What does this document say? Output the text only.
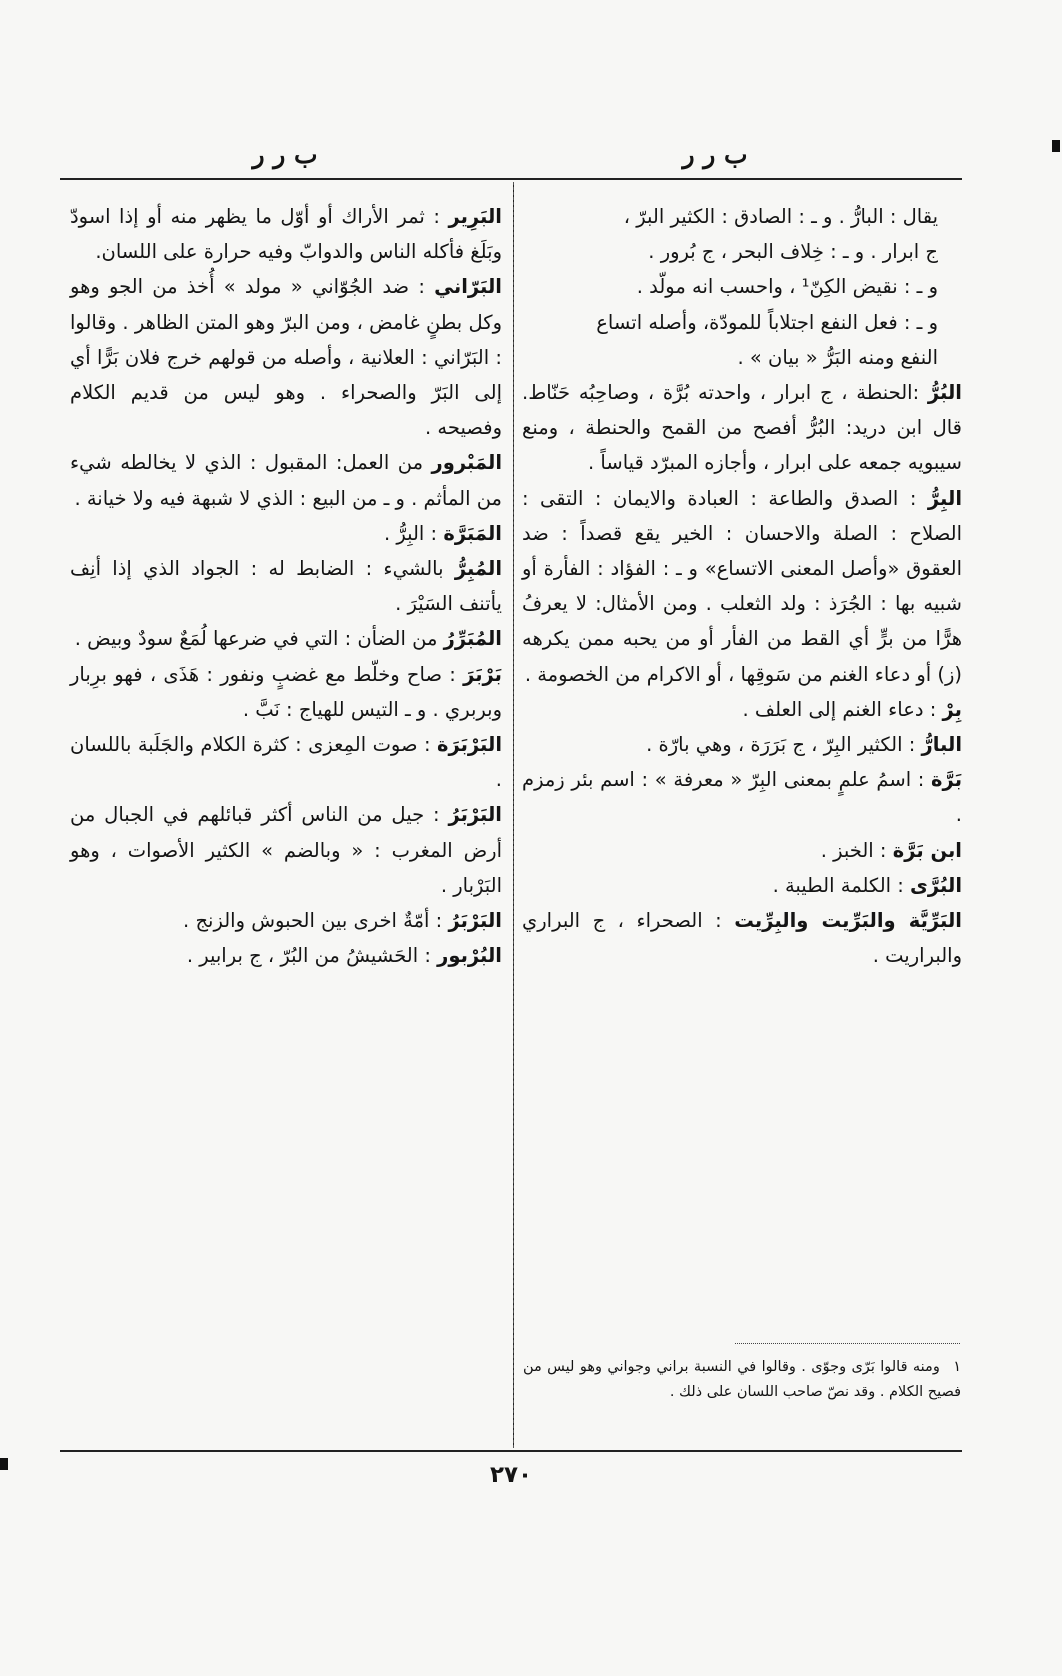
ب ر ر
ب ر ر

يقال : البارُّ . و ـ : الصادق : الكثير البرّ ،

ج ابرار . و ـ : خِلاف البحر ، ج بُرور .

و ـ : نقيض الكِنّ¹ ، واحسب انه مولّد .

و ـ : فعل النفع اجتلاباً للمودّة، وأصله اتساع

النفع ومنه البَرُّ « بيان » .

البُرُّ :الحنطة ، ج ابرار ، واحدته بُرَّة ، وصاحِبُه حَنّاط. قال ابن دريد: البُرُّ أفصح من القمح والحنطة ، ومنع سيبويه جمعه على ابرار ، وأجازه المبرّد قياساً .

البِرُّ : الصدق والطاعة : العبادة والايمان : التقى : الصلاح : الصلة والاحسان : الخير يقع قصداً : ضد العقوق «وأصل المعنى الاتساع» و ـ : الفؤاد : الفأرة أو شبيه بها : الجُرَذ : ولد الثعلب . ومن الأمثال: لا يعرفُ هرًّا من برٍّ أي القط من الفأر أو من يحبه ممن يكرهه (ز) أو دعاء الغنم من سَوقِها ، أو الاكرام من الخصومة .

بِرْ : دعاء الغنم إلى العلف .

البارُّ : الكثير البِرّ ، ج بَرَرَة ، وهي بارّة .

بَرَّة : اسمُ علمٍ بمعنى البِرّ « معرفة » : اسم بئر زمزم .

ابن بَرَّة : الخبز .

البُرَّى : الكلمة الطيبة .

البَرِّيَّة والبَرِّيت والبِرِّيت : الصحراء ، ج البراري والبراريت .

١ ومنه قالوا بَرّى وجوّى . وقالوا في النسبة براني وجواني وهو ليس من فصيح الكلام . وقد نصّ صاحب اللسان على ذلك .

البَرِير : ثمر الأراك أو أوّل ما يظهر منه أو إذا اسودّ وبَلَغ فأكله الناس والدوابّ وفيه حرارة على اللسان.

البَرّاني : ضد الجُوّاني « مولد » أُخذ من الجو وهو وكل بطنٍ غامض ، ومن البرّ وهو المتن الظاهر . وقالوا : البَرّاني : العلانية ، وأصله من قولهم خرج فلان بَرًّا أي إلى البَرّ والصحراء . وهو ليس من قديم الكلام وفصيحه .

المَبْرور من العمل: المقبول : الذي لا يخالطه شيء من المأثم . و ـ من البيع : الذي لا شبهة فيه ولا خيانة .

المَبَرَّة : البِرُّ .

المُبِرُّ بالشيء : الضابط له : الجواد الذي إذا أنِف يأتنف السَيْرَ .

المُبَرِّرُ من الضأن : التي في ضرعها لُمَعٌ سودٌ وبيض .

بَرْبَرَ : صاح وخلّط مع غضبٍ ونفور : هَذَى ، فهو برِبار وبربري . و ـ التيس للهياج : نَبَّ .

البَرْبَرَة : صوت المِعزى : كثرة الكلام والجَلَبة باللسان .

البَرْبَرُ : جيل من الناس أكثر قبائلهم في الجبال من أرض المغرب : « وبالضم » الكثير الأصوات ، وهو البَرْبار .

البَرْبَرُ : أمّةٌ اخرى بين الحبوش والزنج .

البُرْبور : الحَشيشُ من البُرّ ، ج برابير .

٢٧٠
